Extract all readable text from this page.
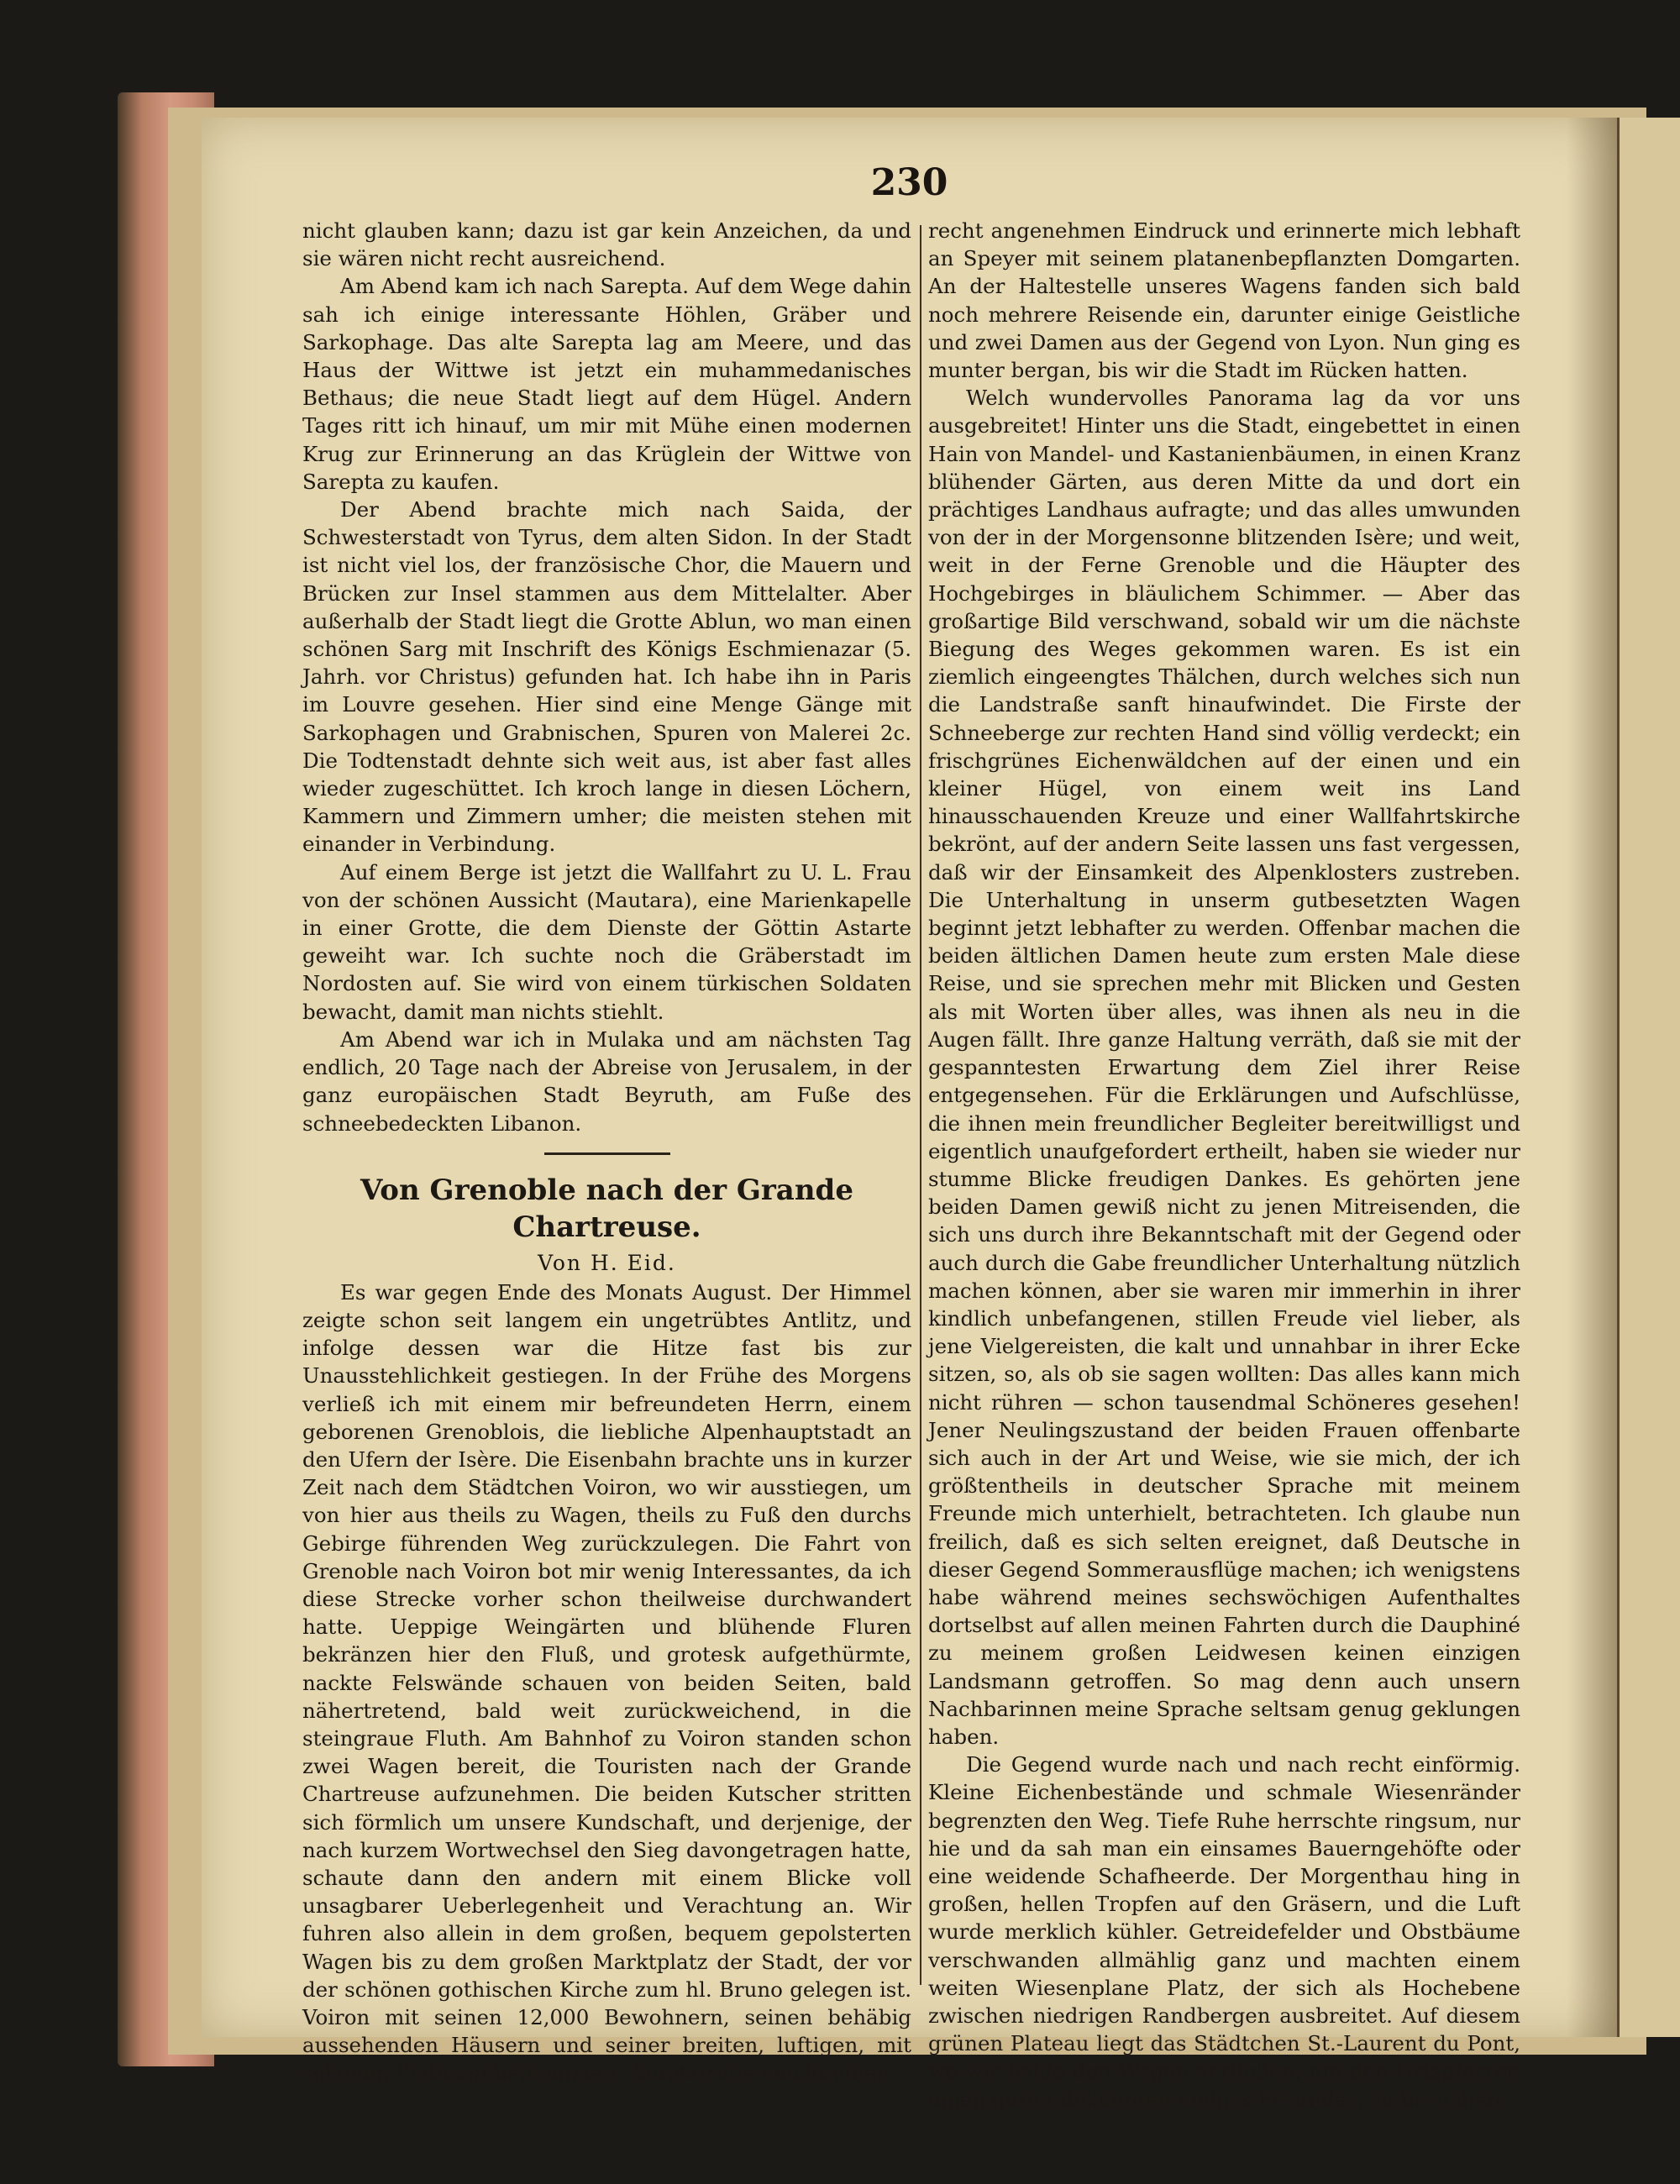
230

nicht glauben kann; dazu ist gar kein Anzeichen, da und sie wären nicht recht ausreichend.

Am Abend kam ich nach Sarepta. Auf dem Wege dahin sah ich einige interessante Höhlen, Gräber und Sarkophage. Das alte Sarepta lag am Meere, und das Haus der Wittwe ist jetzt ein muhammedanisches Bethaus; die neue Stadt liegt auf dem Hügel. Andern Tages ritt ich hinauf, um mir mit Mühe einen modernen Krug zur Erinnerung an das Krüglein der Wittwe von Sarepta zu kaufen.

Der Abend brachte mich nach Saida, der Schwesterstadt von Tyrus, dem alten Sidon. In der Stadt ist nicht viel los, der französische Chor, die Mauern und Brücken zur Insel stammen aus dem Mittelalter. Aber außerhalb der Stadt liegt die Grotte Ablun, wo man einen schönen Sarg mit Inschrift des Königs Eschmienazar (5. Jahrh. vor Christus) gefunden hat. Ich habe ihn in Paris im Louvre gesehen. Hier sind eine Menge Gänge mit Sarkophagen und Grabnischen, Spuren von Malerei 2c. Die Todtenstadt dehnte sich weit aus, ist aber fast alles wieder zugeschüttet. Ich kroch lange in diesen Löchern, Kammern und Zimmern umher; die meisten stehen mit einander in Verbindung.

Auf einem Berge ist jetzt die Wallfahrt zu U. L. Frau von der schönen Aussicht (Mautara), eine Marienkapelle in einer Grotte, die dem Dienste der Göttin Astarte geweiht war. Ich suchte noch die Gräberstadt im Nordosten auf. Sie wird von einem türkischen Soldaten bewacht, damit man nichts stiehlt.

Am Abend war ich in Mulaka und am nächsten Tag endlich, 20 Tage nach der Abreise von Jerusalem, in der ganz europäischen Stadt Beyruth, am Fuße des schneebedeckten Libanon.

Von Grenoble nach der Grande Chartreuse.
Von H. Eid.

Es war gegen Ende des Monats August. Der Himmel zeigte schon seit langem ein ungetrübtes Antlitz, und infolge dessen war die Hitze fast bis zur Unausstehlichkeit gestiegen. In der Frühe des Morgens verließ ich mit einem mir befreundeten Herrn, einem geborenen Grenoblois, die liebliche Alpenhauptstadt an den Ufern der Isère. Die Eisenbahn brachte uns in kurzer Zeit nach dem Städtchen Voiron, wo wir ausstiegen, um von hier aus theils zu Wagen, theils zu Fuß den durchs Gebirge führenden Weg zurückzulegen. Die Fahrt von Grenoble nach Voiron bot mir wenig Interessantes, da ich diese Strecke vorher schon theilweise durchwandert hatte. Ueppige Weingärten und blühende Fluren bekränzen hier den Fluß, und grotesk aufgethürmte, nackte Felswände schauen von beiden Seiten, bald nähertretend, bald weit zurückweichend, in die steingraue Fluth. Am Bahnhof zu Voiron standen schon zwei Wagen bereit, die Touristen nach der Grande Chartreuse aufzunehmen. Die beiden Kutscher stritten sich förmlich um unsere Kundschaft, und derjenige, der nach kurzem Wortwechsel den Sieg davongetragen hatte, schaute dann den andern mit einem Blicke voll unsagbarer Ueberlegenheit und Verachtung an. Wir fuhren also allein in dem großen, bequem gepolsterten Wagen bis zu dem großen Marktplatz der Stadt, der vor der schönen gothischen Kirche zum hl. Bruno gelegen ist. Voiron mit seinen 12,000 Bewohnern, seinen behäbig aussehenden Häusern und seiner breiten, luftigen, mit schönen Platanen bepflanzten Hauptstraße macht einen

recht angenehmen Eindruck und erinnerte mich lebhaft an Speyer mit seinem platanenbepflanzten Domgarten. An der Haltestelle unseres Wagens fanden sich bald noch mehrere Reisende ein, darunter einige Geistliche und zwei Damen aus der Gegend von Lyon. Nun ging es munter bergan, bis wir die Stadt im Rücken hatten.

Welch wundervolles Panorama lag da vor uns ausgebreitet! Hinter uns die Stadt, eingebettet in einen Hain von Mandel- und Kastanienbäumen, in einen Kranz blühender Gärten, aus deren Mitte da und dort ein prächtiges Landhaus aufragte; und das alles umwunden von der in der Morgensonne blitzenden Isère; und weit, weit in der Ferne Grenoble und die Häupter des Hochgebirges in bläulichem Schimmer. — Aber das großartige Bild verschwand, sobald wir um die nächste Biegung des Weges gekommen waren. Es ist ein ziemlich eingeengtes Thälchen, durch welches sich nun die Landstraße sanft hinaufwindet. Die Firste der Schneeberge zur rechten Hand sind völlig verdeckt; ein frischgrünes Eichenwäldchen auf der einen und ein kleiner Hügel, von einem weit ins Land hinausschauenden Kreuze und einer Wallfahrtskirche bekrönt, auf der andern Seite lassen uns fast vergessen, daß wir der Einsamkeit des Alpenklosters zustreben. Die Unterhaltung in unserm gutbesetzten Wagen beginnt jetzt lebhafter zu werden. Offenbar machen die beiden ältlichen Damen heute zum ersten Male diese Reise, und sie sprechen mehr mit Blicken und Gesten als mit Worten über alles, was ihnen als neu in die Augen fällt. Ihre ganze Haltung verräth, daß sie mit der gespanntesten Erwartung dem Ziel ihrer Reise entgegensehen. Für die Erklärungen und Aufschlüsse, die ihnen mein freundlicher Begleiter bereitwilligst und eigentlich unaufgefordert ertheilt, haben sie wieder nur stumme Blicke freudigen Dankes. Es gehörten jene beiden Damen gewiß nicht zu jenen Mitreisenden, die sich uns durch ihre Bekanntschaft mit der Gegend oder auch durch die Gabe freundlicher Unterhaltung nützlich machen können, aber sie waren mir immerhin in ihrer kindlich unbefangenen, stillen Freude viel lieber, als jene Vielgereisten, die kalt und unnahbar in ihrer Ecke sitzen, so, als ob sie sagen wollten: Das alles kann mich nicht rühren — schon tausendmal Schöneres gesehen! Jener Neulingszustand der beiden Frauen offenbarte sich auch in der Art und Weise, wie sie mich, der ich größtentheils in deutscher Sprache mit meinem Freunde mich unterhielt, betrachteten. Ich glaube nun freilich, daß es sich selten ereignet, daß Deutsche in dieser Gegend Sommerausflüge machen; ich wenigstens habe während meines sechswöchigen Aufenthaltes dortselbst auf allen meinen Fahrten durch die Dauphiné zu meinem großen Leidwesen keinen einzigen Landsmann getroffen. So mag denn auch unsern Nachbarinnen meine Sprache seltsam genug geklungen haben.

Die Gegend wurde nach und nach recht einförmig. Kleine Eichenbestände und schmale Wiesenränder begrenzten den Weg. Tiefe Ruhe herrschte ringsum, nur hie und da sah man ein einsames Bauerngehöfte oder eine weidende Schafheerde. Der Morgenthau hing in großen, hellen Tropfen auf den Gräsern, und die Luft wurde merklich kühler. Getreidefelder und Obstbäume verschwanden allmählig ganz und machten einem weiten Wiesenplane Platz, der sich als Hochebene zwischen niedrigen Randbergen ausbreitet. Auf diesem grünen Plateau liegt das Städtchen St.-Laurent du Pont, wo wir beide den Wagen verließen, um den Ortspfarrer, einen guten Bekannten meines Freundes, zu besuchen.
